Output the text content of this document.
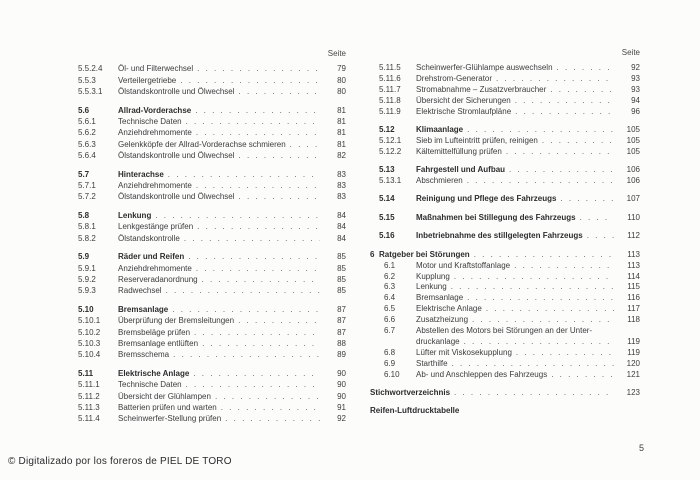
Seite
5.5.2.4	Öl- und Filterwechsel . . .	79
5.5.3	Verteilergetriebe . . .	80
5.5.3.1	Ölstandskontrolle und Ölwechsel . . .	80
5.6	Allrad-Vorderachse . . .	81
5.6.1	Technische Daten . . .	81
5.6.2	Anziehdrehmomente . . .	81
5.6.3	Gelenkköpfe der Allrad-Vorderachse schmieren . . .	81
5.6.4	Ölstandskontrolle und Ölwechsel . . .	82
5.7	Hinterachse . . .	83
5.7.1	Anziehdrehmomente . . .	83
5.7.2	Ölstandskontrolle und Ölwechsel . . .	83
5.8	Lenkung . . .	84
5.8.1	Lenkgestänge prüfen . . .	84
5.8.2	Ölstandskontrolle . . .	84
5.9	Räder und Reifen . . .	85
5.9.1	Anziehdrehmomente . . .	85
5.9.2	Reserveradanordnung . . .	85
5.9.3	Radwechsel . . .	85
5.10	Bremsanlage . . .	87
5.10.1	Überprüfung der Bremsleitungen . . .	87
5.10.2	Bremsbeläge prüfen . . .	87
5.10.3	Bremsanlage entlüften . . .	88
5.10.4	Bremsschema . . .	89
5.11	Elektrische Anlage . . .	90
5.11.1	Technische Daten . . .	90
5.11.2	Übersicht der Glühlampen . . .	90
5.11.3	Batterien prüfen und warten . . .	91
5.11.4	Scheinwerfer-Stellung prüfen . . .	92
Seite
5.11.5	Scheinwerfer-Glühlampe auswechseln . . .	92
5.11.6	Drehstrom-Generator . . .	93
5.11.7	Stromabnahme – Zusatzverbraucher . . .	93
5.11.8	Übersicht der Sicherungen . . .	94
5.11.9	Elektrische Stromlaufpläne . . .	96
5.12	Klimaanlage . . .	105
5.12.1	Sieb im Lufteintritt prüfen, reinigen . . .	105
5.12.2	Kältemittelfüllung prüfen . . .	105
5.13	Fahrgestell und Aufbau . . .	106
5.13.1	Abschmieren . . .	106
5.14	Reinigung und Pflege des Fahrzeugs . . .	107
5.15	Maßnahmen bei Stillegung des Fahrzeugs . . .	110
5.16	Inbetriebnahme des stillgelegten Fahrzeugs . . .	112
6 Ratgeber bei Störungen . . .	113
6.1	Motor und Kraftstoffanlage . . .	113
6.2	Kupplung . . .	114
6.3	Lenkung . . .	115
6.4	Bremsanlage . . .	116
6.5	Elektrische Anlage . . .	117
6.6	Zusatzheizung . . .	118
6.7	Abstellen des Motors bei Störungen an der Unter-
druckanlage . . .	119
6.8	Lüfter mit Viskosekupplung . . .	119
6.9	Starthilfe . . .	120
6.10	Ab- und Anschleppen des Fahrzeugs . . .	121
Stichwortverzeichnis . . .	123
Reifen-Luftdrucktabelle
© Digitalizado por los foreros de PIEL DE TORO
5
